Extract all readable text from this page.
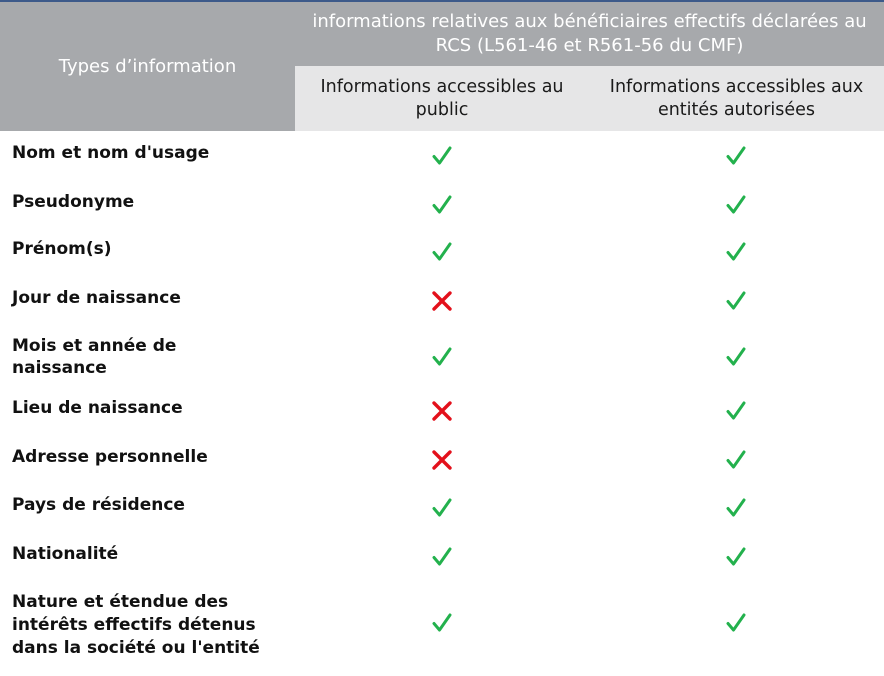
Types d’information
informations relatives aux bénéficiaires effectifs déclarées au RCS (L561-46 et R561-56 du CMF)
Informations accessibles au public
Informations accessibles aux entités autorisées
Nom et nom d'usage
Pseudonyme
Prénom(s)
Jour de naissance
Mois et année de naissance
Lieu de naissance
Adresse personnelle
Pays de résidence
Nationalité
Nature et étendue des intérêts effectifs détenus dans la société ou l'entité
